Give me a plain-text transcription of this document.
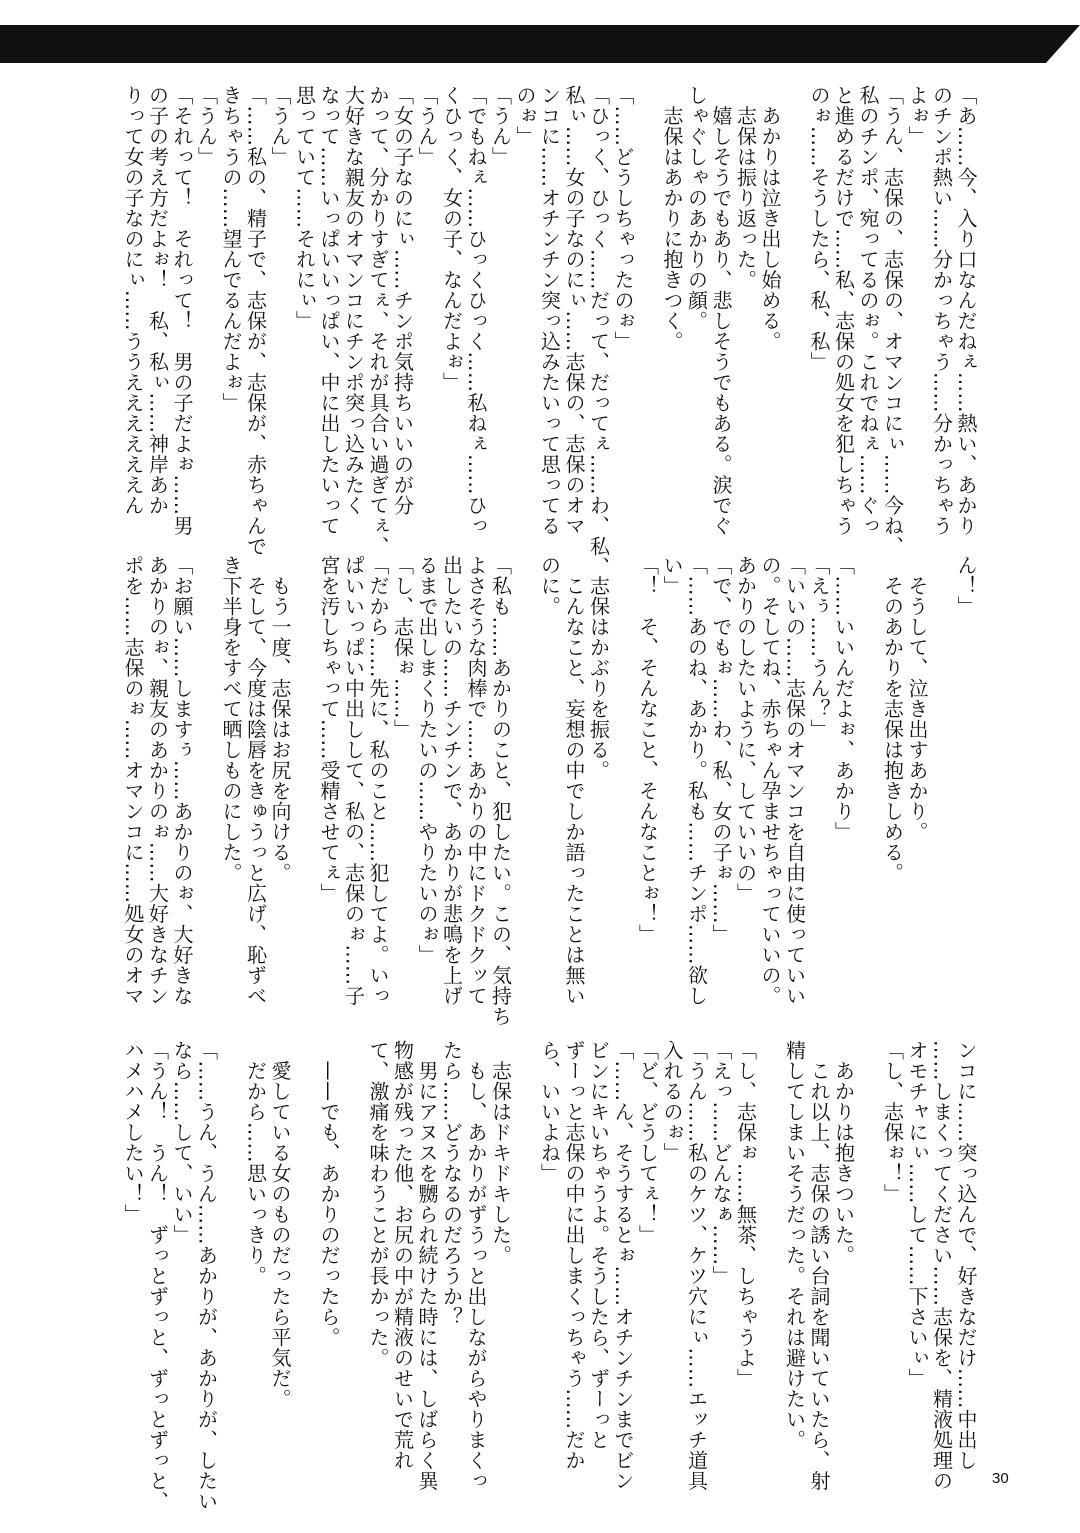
「あ……今、入り口なんだねぇ……熱い、あかり
のチンポ熱い……分かっちゃう……分かっちゃう
よぉ」
「うん、志保の、志保の、オマンコにぃ……今ね、
私のチンポ、宛ってるのぉ。これでねぇ……ぐっ
と進めるだけで……私、志保の処女を犯しちゃう
のぉ……そうしたら、私、私」
　あかりは泣き出し始める。
　志保は振り返った。
　嬉しそうでもあり、悲しそうでもある。涙でぐ
しゃぐしゃのあかりの顔。
　志保はあかりに抱きつく。
「……どうしちゃったのぉ」
「ひっく、ひっく……だって、だってぇ……わ、私、
私ぃ……女の子なのにぃ……志保の、志保のオマ
ンコに……オチンチン突っ込みたいって思ってる
のぉ」
「うん」
「でもねぇ……ひっくひっく……私ねぇ……ひっ
くひっく、女の子、なんだよぉ」
「うん」
「女の子なのにぃ……チンポ気持ちいいのが分
かって、分かりすぎてぇ、それが具合い過ぎてぇ、
大好きな親友のオマンコにチンポ突っ込みたく
なって……いっぱいいっぱい、中に出したいって
思っていて……それにぃ」
「うん」
「……私の、精子で、志保が、志保が、赤ちゃんで
きちゃうの……望んでるんだよぉ」
「うん」
「それって！　それって！　男の子だよぉ……男
の子の考え方だよぉ！　私、私ぃ……神岸あか
りって女の子なのにぃ……ううええええええん
ん！」
　そうして、泣き出すあかり。
　そのあかりを志保は抱きしめる。
「……いいんだよぉ、あかり」
「えぅ……うん？」
「いいの……志保のオマンコを自由に使っていい
の。そしてね、赤ちゃん孕ませちゃっていいの。
あかりのしたいように、していいの」
「で、でもぉ……わ、私、女の子ぉ……」
「……あのね、あかり。私も……チンポ……欲し
い」
「！　そ、そんなこと、そんなことぉ！」
　志保はかぶりを振る。
　こんなこと、妄想の中でしか語ったことは無い
のに。
「私も……あかりのこと、犯したい。この、気持ち
よさそうな肉棒で……あかりの中にドクドクッて
出したいの……チンチンで、あかりが悲鳴を上げ
るまで出しまくりたいの……やりたいのぉ」
「し、志保ぉ……」
「だから……先に、私のこと……犯してよ。いっ
ぱいいっぱい中出しして、私の、志保のぉ……子
宮を汚しちゃって……受精させてぇ」
　もう一度、志保はお尻を向ける。
　そして、今度は陰唇をきゅうっと広げ、恥ずべ
き下半身をすべて晒しものにした。
「お願い……しますぅ……あかりのぉ、大好きな
あかりのぉ、親友のあかりのぉ……大好きなチン
ポを……志保のぉ……オマンコに……処女のオマ
ンコに……突っ込んで、好きなだけ……中出し
……しまくってください……志保を、精液処理の
オモチャにぃ……して……下さいぃ」
「し、志保ぉ！」
　あかりは抱きついた。
　これ以上、志保の誘い台詞を聞いていたら、射
精してしまいそうだった。それは避けたい。
「し、志保ぉ……無茶、しちゃうよ」
「えっ……どんなぁ……」
「うん……私のケツ、ケツ穴にぃ……エッチ道具
入れるのぉ」
「ど、どうしてぇ！」
「……ん、そうするとぉ……オチンチンまでビン
ビンにキいちゃうよ。そうしたら、ずーっと
ずーっと志保の中に出しまくっちゃう……だか
ら、いいよね」
　志保はドキドキした。
　もし、あかりがずうっと出しながらやりまくっ
たら……どうなるのだろうか？
　男にアヌスを嬲られ続けた時には、しばらく異
物感が残った他、お尻の中が精液のせいで荒れ
て、激痛を味わうことが長かった。
　——でも、あかりのだったら。
　愛している女のものだったら平気だ。
　だから……思いっきり。
「……うん、うん……あかりが、あかりが、したい
なら……して、いい」
「うん！　うん！　ずっとずっと、ずっとずっと、
ハメハメしたい！」
30
